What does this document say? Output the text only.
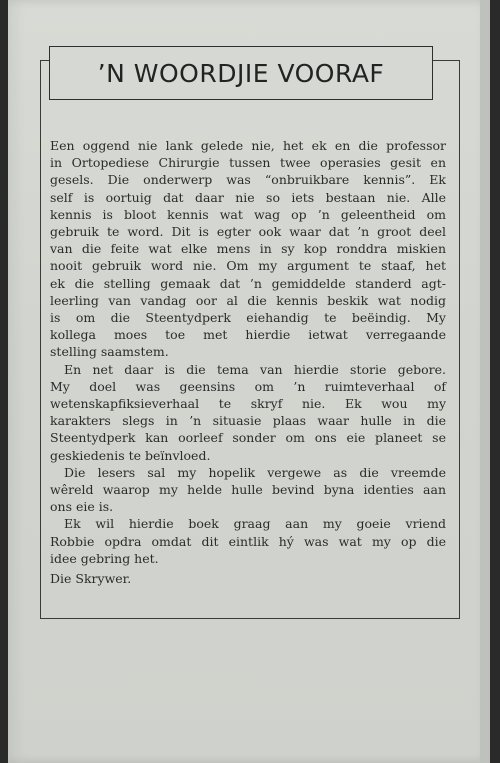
’N WOORDJIE VOORAF
Een oggend nie lank gelede nie, het ek en die professor
in Ortopediese Chirurgie tussen twee operasies gesit en
gesels. Die onderwerp was “onbruikbare kennis”. Ek
self is oortuig dat daar nie so iets bestaan nie. Alle
kennis is bloot kennis wat wag op ’n geleentheid om
gebruik te word. Dit is egter ook waar dat ’n groot deel
van die feite wat elke mens in sy kop ronddra miskien
nooit gebruik word nie. Om my argument te staaf, het
ek die stelling gemaak dat ’n gemiddelde standerd agt-
leerling van vandag oor al die kennis beskik wat nodig
is om die Steentydperk eiehandig te beëindig. My
kollega moes toe met hierdie ietwat verregaande
stelling saamstem.
En net daar is die tema van hierdie storie gebore.
My doel was geensins om ’n ruimteverhaal of
wetenskapfiksieverhaal te skryf nie. Ek wou my
karakters slegs in ’n situasie plaas waar hulle in die
Steentydperk kan oorleef sonder om ons eie planeet se
geskiedenis te beïnvloed.
Die lesers sal my hopelik vergewe as die vreemde
wêreld waarop my helde hulle bevind byna identies aan
ons eie is.
Ek wil hierdie boek graag aan my goeie vriend
Robbie opdra omdat dit eintlik hý was wat my op die
idee gebring het.
Die Skrywer.
